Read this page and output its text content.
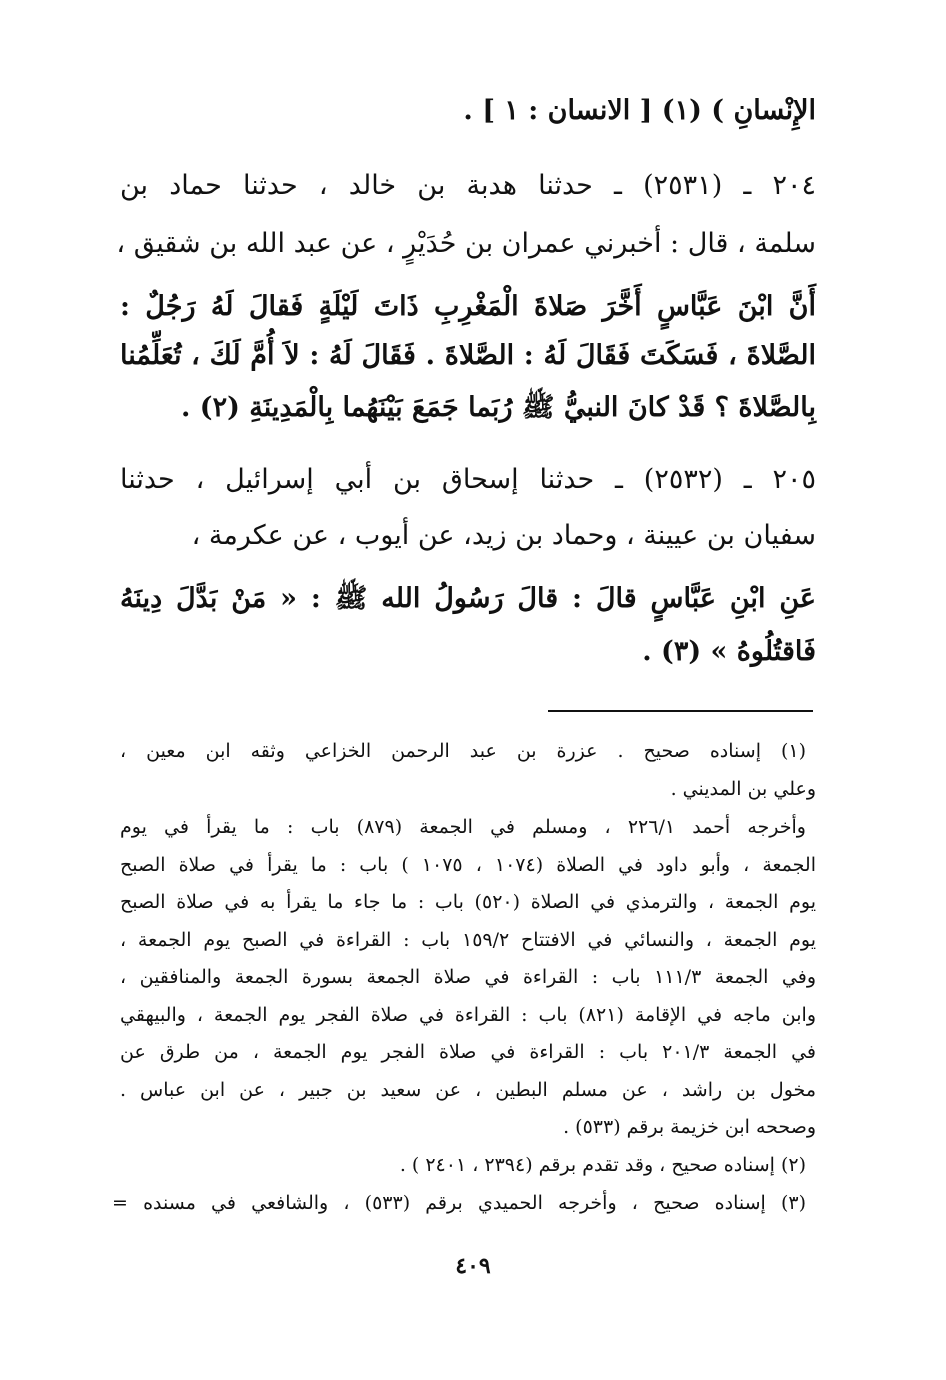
الإِنْسانِ ) (١) [ الانسان : ١ ] .
٢٠٤ ـ (٢٥٣١) ـ حدثنا هدبة بن خالد ، حدثنا حماد بن
سلمة ، قال : أخبرني عمران بن حُدَيْرٍ ، عن عبد الله بن شقيق ،
أَنَّ ابْنَ عَبَّاسٍ أَخَّرَ صَلاةَ الْمَغْرِبِ ذَاتَ لَيْلَةٍ فَقالَ لَهُ رَجُلٌ :
الصَّلاةَ ، فَسَكَتَ فَقَالَ لَهُ : الصَّلاةَ . فَقَالَ لَهُ : لاَ أُمَّ لَكَ ، تُعَلِّمُنا
بِالصَّلاةَ ؟ قَدْ كانَ النبيُّ ﷺ رُبَما جَمَعَ بَيْنَهُما بِالْمَدِينَةِ (٢) .
٢٠٥ ـ (٢٥٣٢) ـ حدثنا إسحاق بن أبي إسرائيل ، حدثنا
سفيان بن عيينة ، وحماد بن زيد، عن أيوب ، عن عكرمة ،
عَنِ ابْنِ عَبَّاسٍ قالَ : قالَ رَسُولُ الله ﷺ : « مَنْ بَدَّلَ دِينَهُ
فَاقتُلُوهُ » (٣) .
(١) إسناده صحيح . عزرة بن عبد الرحمن الخزاعي وثقه ابن معين ،
وعلي بن المديني .
وأخرجه أحمد ٢٢٦/١ ، ومسلم في الجمعة (٨٧٩) باب : ما يقرأ في يوم
الجمعة ، وأبو داود في الصلاة (١٠٧٤ ، ١٠٧٥ ) باب : ما يقرأ في صلاة الصبح
يوم الجمعة ، والترمذي في الصلاة (٥٢٠) باب : ما جاء ما يقرأ به في صلاة الصبح
يوم الجمعة ، والنسائي في الافتتاح ١٥٩/٢ باب : القراءة في الصبح يوم الجمعة ،
وفي الجمعة ١١١/٣ باب : القراءة في صلاة الجمعة بسورة الجمعة والمنافقين ،
وابن ماجه في الإقامة (٨٢١) باب : القراءة في صلاة الفجر يوم الجمعة ، والبيهقي
في الجمعة ٢٠١/٣ باب : القراءة في صلاة الفجر يوم الجمعة ، من طرق عن
مخول بن راشد ، عن مسلم البطين ، عن سعيد بن جبير ، عن ابن عباس .
وصححه ابن خزيمة برقم (٥٣٣) .
(٢) إسناده صحيح ، وقد تقدم برقم (٢٣٩٤ ، ٢٤٠١ ) .
(٣) إسناده صحيح ، وأخرجه الحميدي برقم (٥٣٣) ، والشافعي في مسنده =
٤٠٩
